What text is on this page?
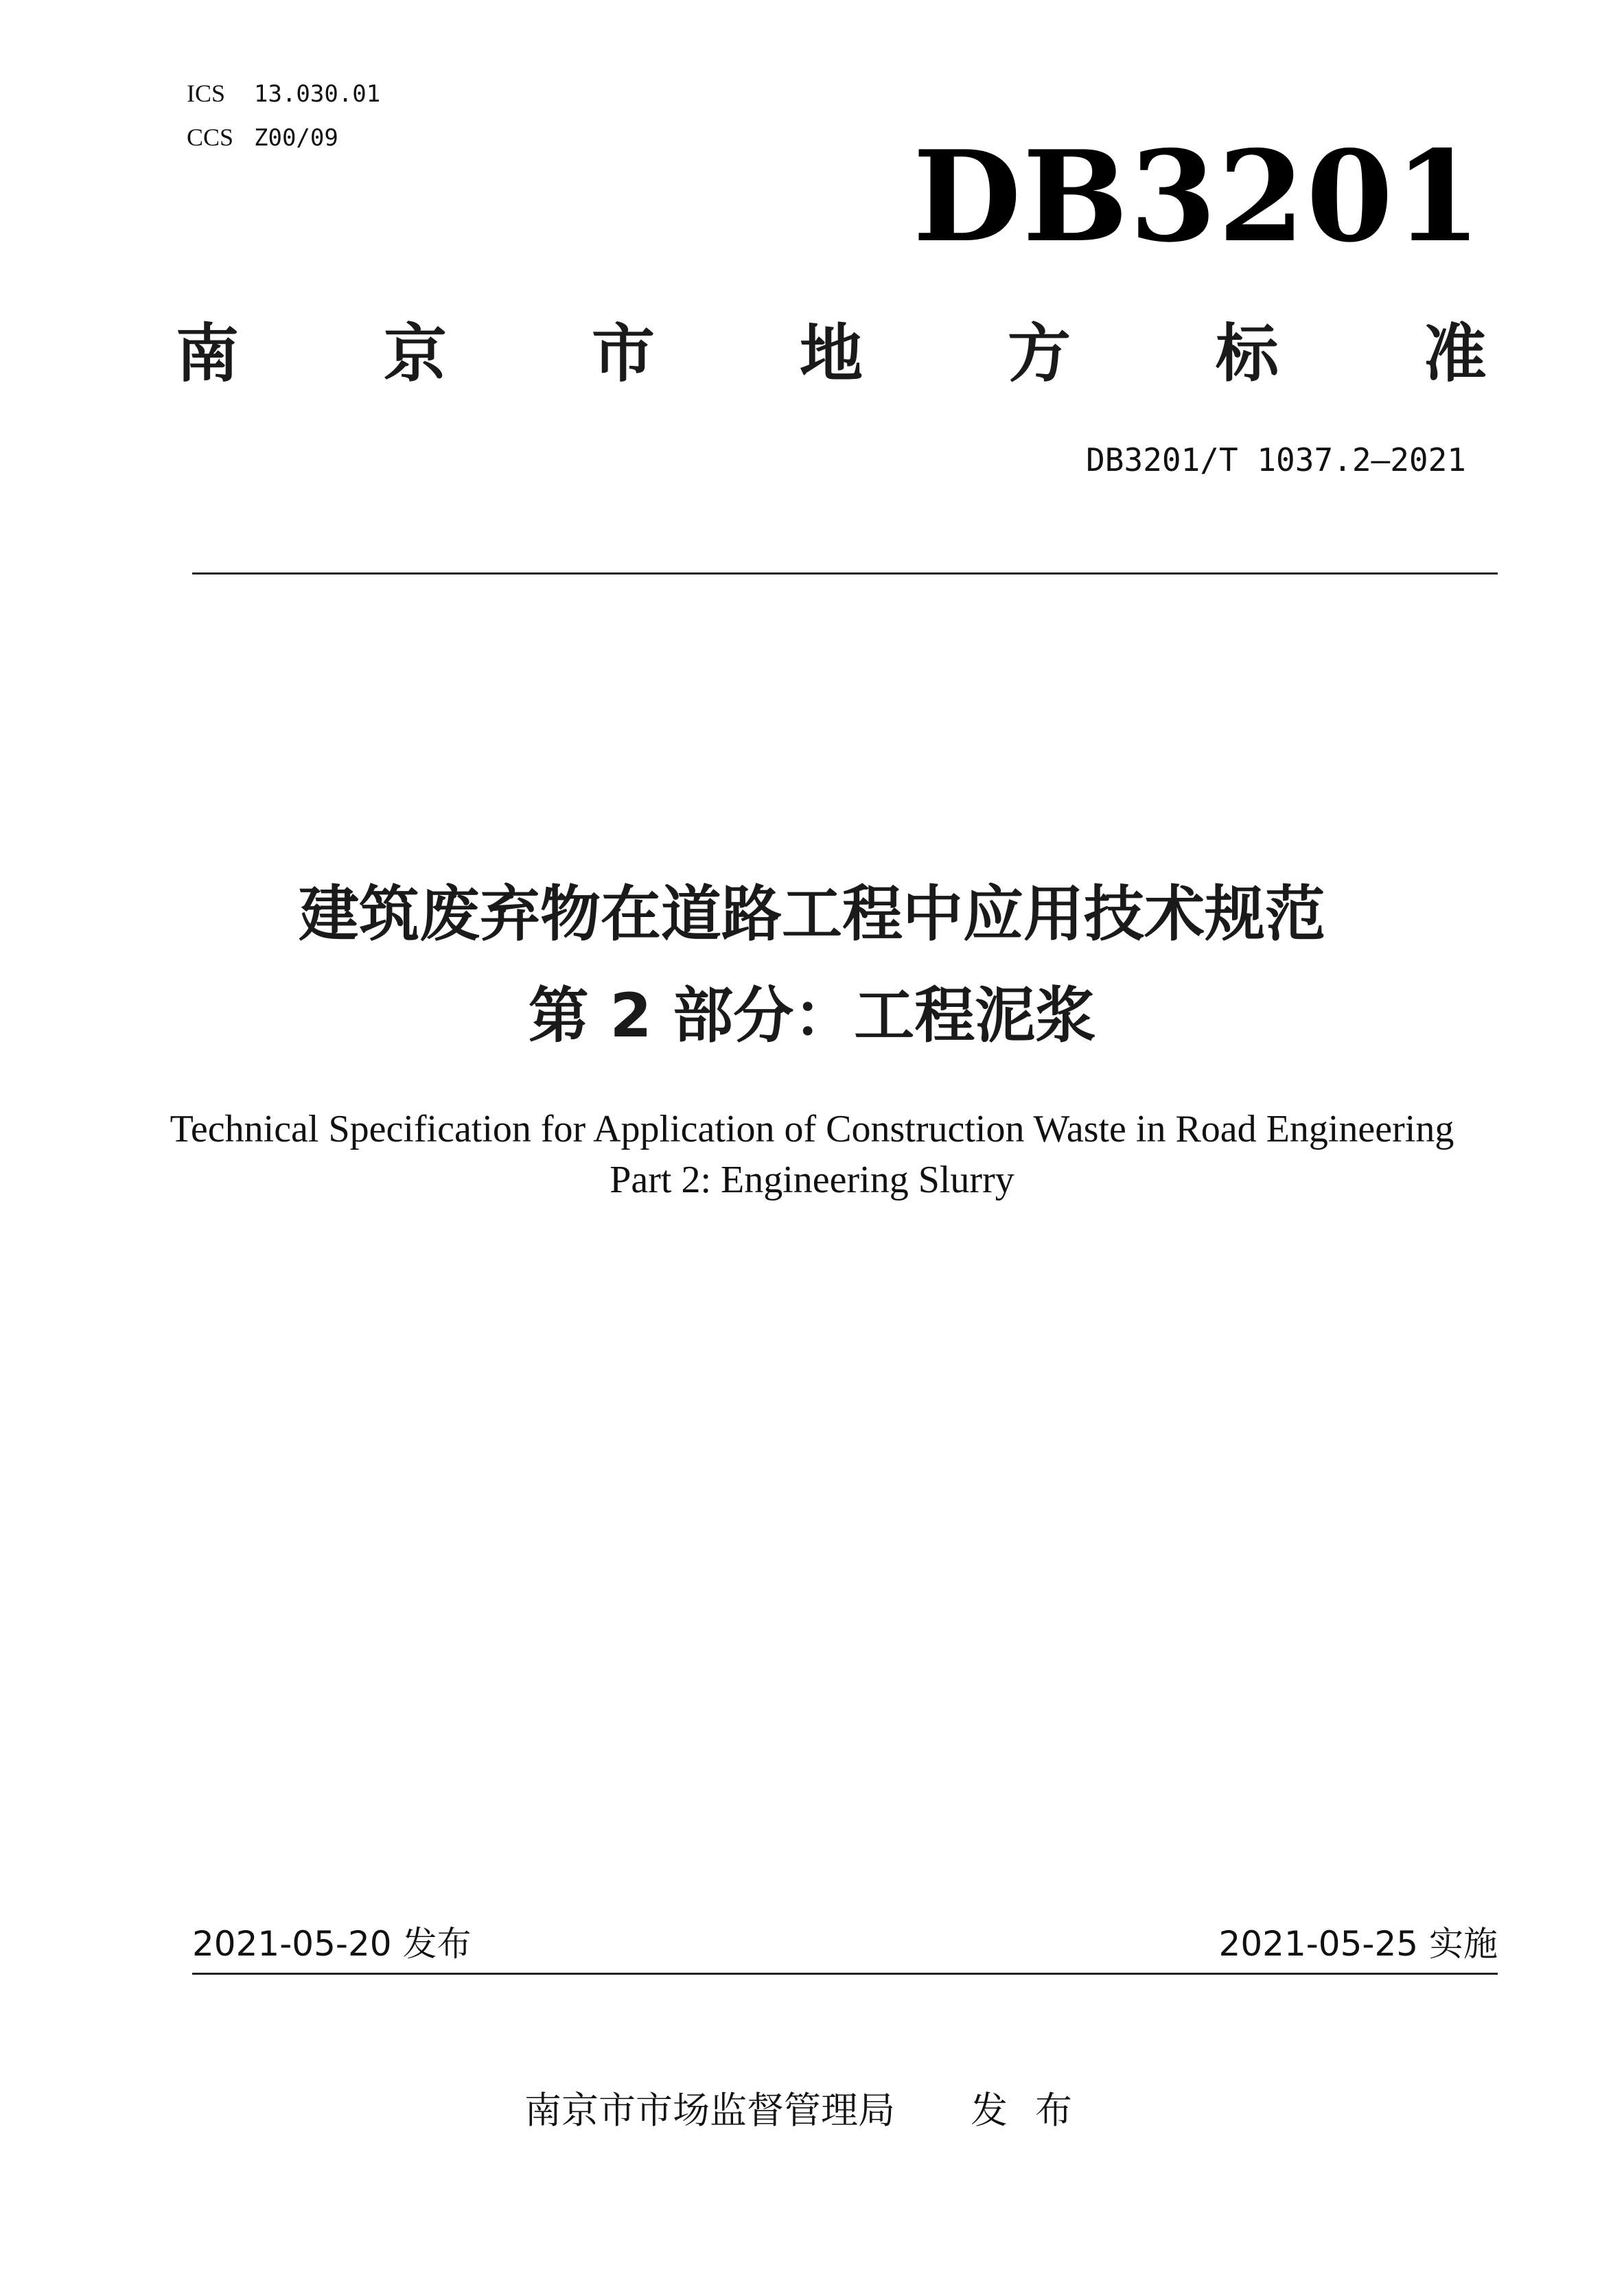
ICS 13.030.01
CCS Z00/09	DB3201
南 京 市 地 方 标 准
DB3201/T 1037.2—2021
建筑废弃物在道路工程中应用技术规范
第 2 部分：工程泥浆
Technical Specification for Application of Construction Waste in Road Engineering
Part 2: Engineering Slurry
2021-05-20 发布	2021-05-25 实施
南京市市场监督管理局 发布
